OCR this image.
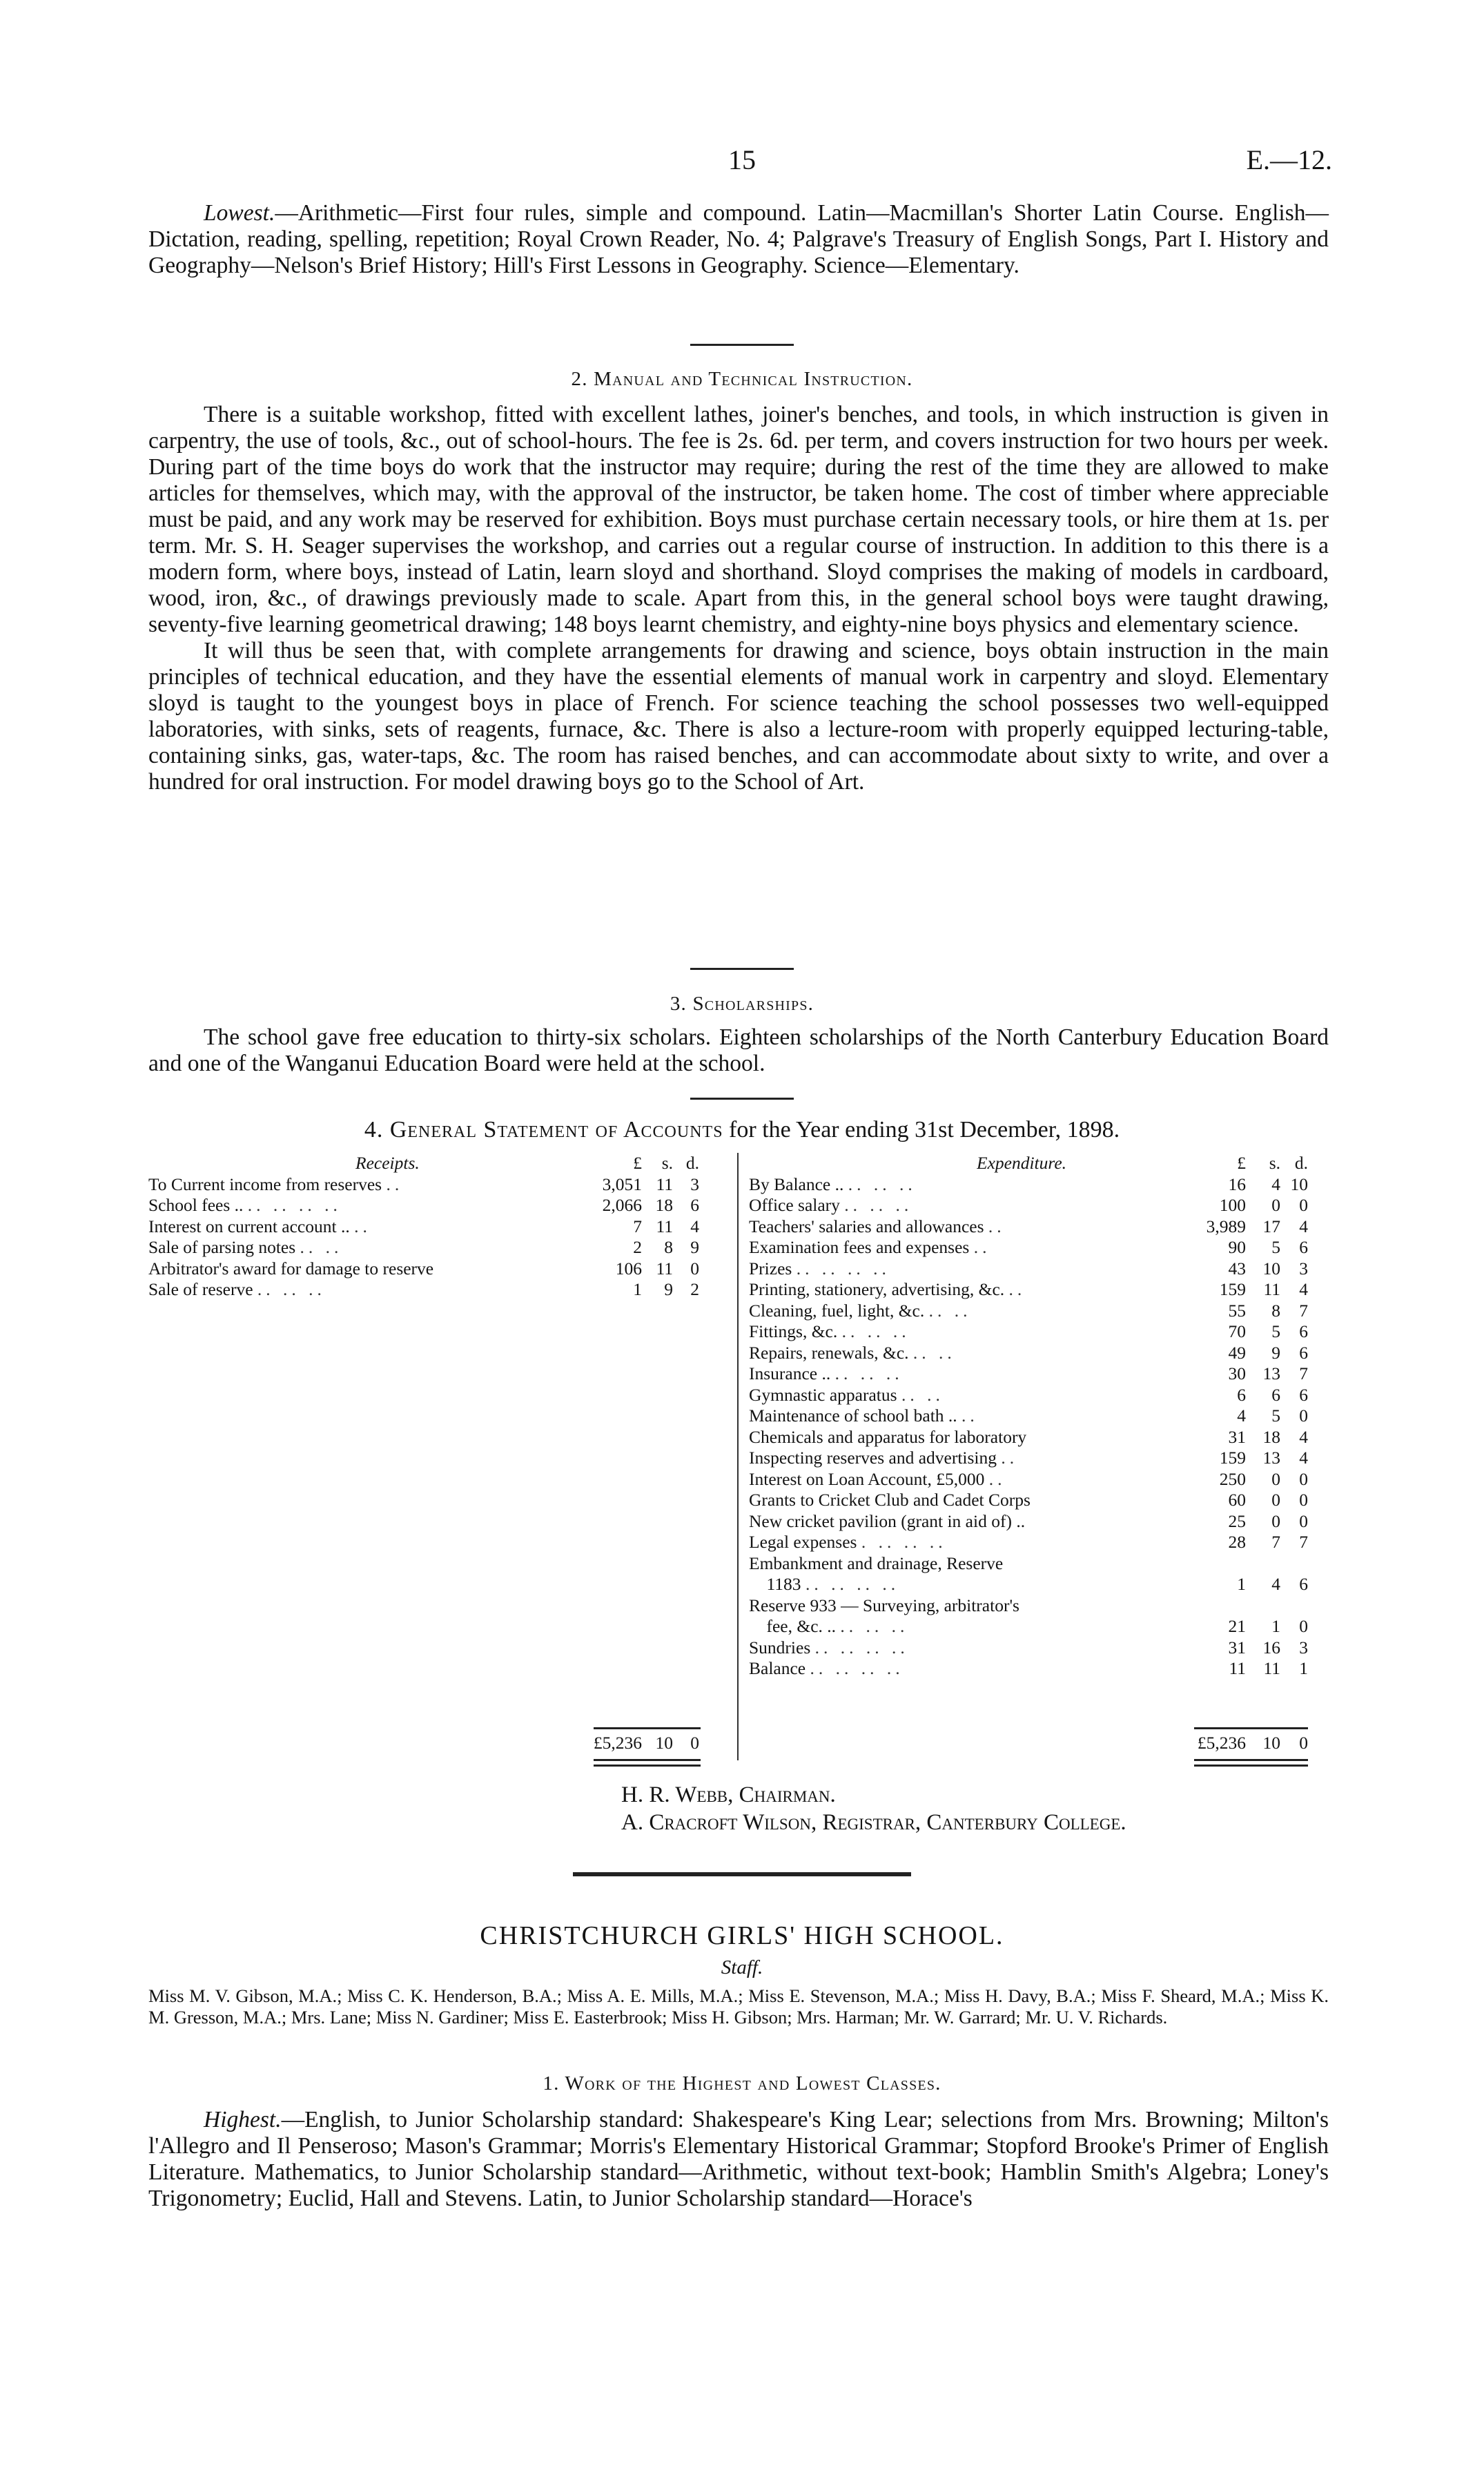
15	E.—12.

Lowest.—Arithmetic—First four rules, simple and compound. Latin—Macmillan's Shorter Latin Course. English—Dictation, reading, spelling, repetition; Royal Crown Reader, No. 4; Palgrave's Treasury of English Songs, Part I. History and Geography—Nelson's Brief History; Hill's First Lessons in Geography. Science—Elementary.

2. Manual and Technical Instruction.

There is a suitable workshop, fitted with excellent lathes, joiner's benches, and tools, in which instruction is given in carpentry, the use of tools, &c., out of school-hours. The fee is 2s. 6d. per term, and covers instruction for two hours per week. During part of the time boys do work that the instructor may require; during the rest of the time they are allowed to make articles for themselves, which may, with the approval of the instructor, be taken home. The cost of timber where appreciable must be paid, and any work may be reserved for exhibition. Boys must purchase certain necessary tools, or hire them at 1s. per term. Mr. S. H. Seager supervises the workshop, and carries out a regular course of instruction. In addition to this there is a modern form, where boys, instead of Latin, learn sloyd and shorthand. Sloyd comprises the making of models in cardboard, wood, iron, &c., of drawings previously made to scale. Apart from this, in the general school boys were taught drawing, seventy-five learning geometrical drawing; 148 boys learnt chemistry, and eighty-nine boys physics and elementary science.

It will thus be seen that, with complete arrangements for drawing and science, boys obtain instruction in the main principles of technical education, and they have the essential elements of manual work in carpentry and sloyd. Elementary sloyd is taught to the youngest boys in place of French. For science teaching the school possesses two well-equipped laboratories, with sinks, sets of reagents, furnace, &c. There is also a lecture-room with properly equipped lecturing-table, containing sinks, gas, water-taps, &c. The room has raised benches, and can accommodate about sixty to write, and over a hundred for oral instruction. For model drawing boys go to the School of Art.

3. Scholarships.

The school gave free education to thirty-six scholars. Eighteen scholarships of the North Canterbury Education Board and one of the Wanganui Education Board were held at the school.

4. General Statement of Accounts for the Year ending 31st December, 1898.
Receipts.	£	s. d.
To Current income from reserves ..	3,051 11 3
School fees .. .. .. .. ..	2,066 18 6
Interest on current account .. ..	7 11 4
Sale of parsing notes .. ..	2	8 9
Arbitrator's award for damage to reserve	106 11 0
Sale of reserve .. .. ..	1	9 2
£5,236 10 0
Expenditure.	£	s. d.
By Balance .. .. .. ..	16	4 10
Office salary .. .. ..	100	0	0
Teachers' salaries and allowances ..	3,989 17	4
Examination fees and expenses ..	90	5	6
Prizes .. .. .. ..	43 10	3
Printing, stationery, advertising, &c. ..	159 11	4
Cleaning, fuel, light, &c. .. ..	55	8	7
Fittings, &c. .. .. ..	70	5	6
Repairs, renewals, &c. .. ..	49	9	6
Insurance .. .. .. ..	30 13	7
Gymnastic apparatus .. ..	6	6	6
Maintenance of school bath .. ..	4	5	0
Chemicals and apparatus for laboratory	31 18	4
Inspecting reserves and advertising ..	159 13	4
Interest on Loan Account, £5,000 ..	250	0	0
Grants to Cricket Club and Cadet Corps	60	0	0
New cricket pavilion (grant in aid of) ..	25	0	0
Legal expenses . .. .. ..	28	7	7
Embankment and drainage, Reserve
1183 .. .. .. ..	1	4	6
Reserve 933 — Surveying, arbitrator's
fee, &c. .. .. .. ..	21	1	0
Sundries .. .. .. ..	31 16	3
Balance .. .. .. ..	11 11	1
£5,236 10	0
H. R. Webb, Chairman.
A. Cracroft Wilson, Registrar, Canterbury College.
CHRISTCHURCH GIRLS' HIGH SCHOOL.
Staff.
Miss M. V. Gibson, M.A.; Miss C. K. Henderson, B.A.; Miss A. E. Mills, M.A.; Miss E. Stevenson, M.A.; Miss H. Davy, B.A.; Miss F. Sheard, M.A.; Miss K. M. Gresson, M.A.; Mrs. Lane; Miss N. Gardiner; Miss E. Easterbrook; Miss H. Gibson; Mrs. Harman; Mr. W. Garrard; Mr. U. V. Richards.
1. Work of the Highest and Lowest Classes.

Highest.—English, to Junior Scholarship standard: Shakespeare's King Lear; selections from Mrs. Browning; Milton's l'Allegro and Il Penseroso; Mason's Grammar; Morris's Elementary Historical Grammar; Stopford Brooke's Primer of English Literature. Mathematics, to Junior Scholarship standard—Arithmetic, without text-book; Hamblin Smith's Algebra; Loney's Trigonometry; Euclid, Hall and Stevens. Latin, to Junior Scholarship standard—Horace's
